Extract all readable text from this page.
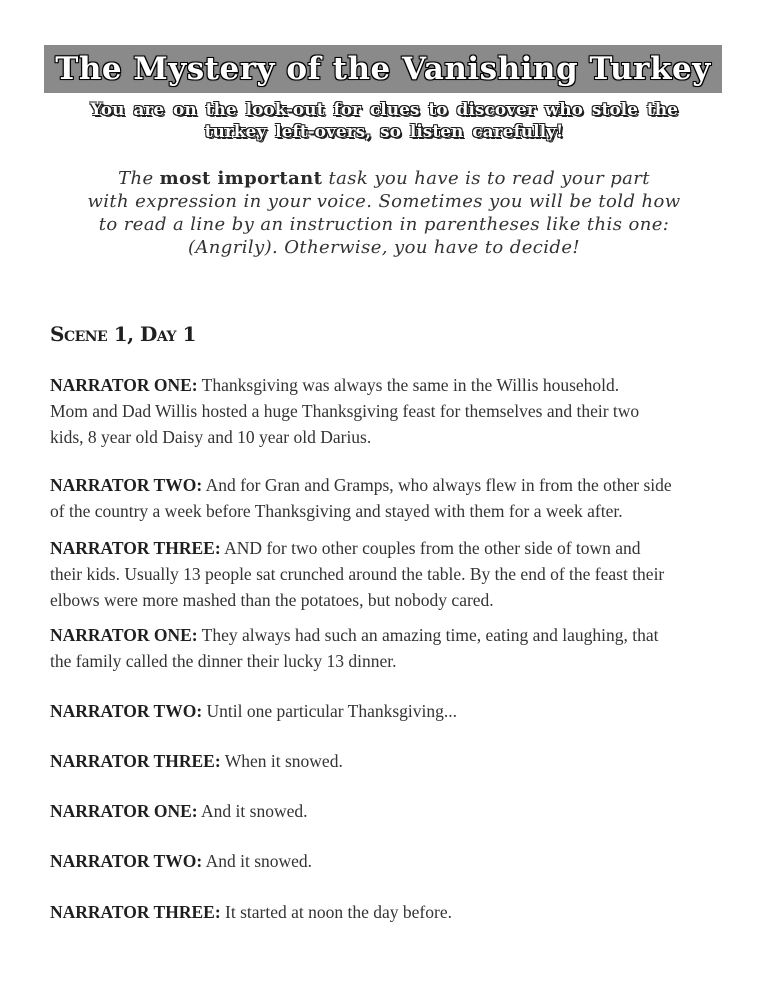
The Mystery of the Vanishing Turkey
You are on the look-out for clues to discover who stole the
turkey left-overs, so listen carefully!
The most important task you have is to read your part
with expression in your voice. Sometimes you will be told how
to read a line by an instruction in parentheses like this one:
(Angrily). Otherwise, you have to decide!
Scene 1, Day 1
NARRATOR ONE: Thanksgiving was always the same in the Willis household.
Mom and Dad Willis hosted a huge Thanksgiving feast for themselves and their two
kids, 8 year old Daisy and 10 year old Darius.
NARRATOR TWO: And for Gran and Gramps, who always flew in from the other side
of the country a week before Thanksgiving and stayed with them for a week after.
NARRATOR THREE: AND for two other couples from the other side of town and
their kids. Usually 13 people sat crunched around the table. By the end of the feast their
elbows were more mashed than the potatoes, but nobody cared.
NARRATOR ONE: They always had such an amazing time, eating and laughing, that
the family called the dinner their lucky 13 dinner.
NARRATOR TWO: Until one particular Thanksgiving...
NARRATOR THREE: When it snowed.
NARRATOR ONE: And it snowed.
NARRATOR TWO: And it snowed.
NARRATOR THREE: It started at noon the day before.
